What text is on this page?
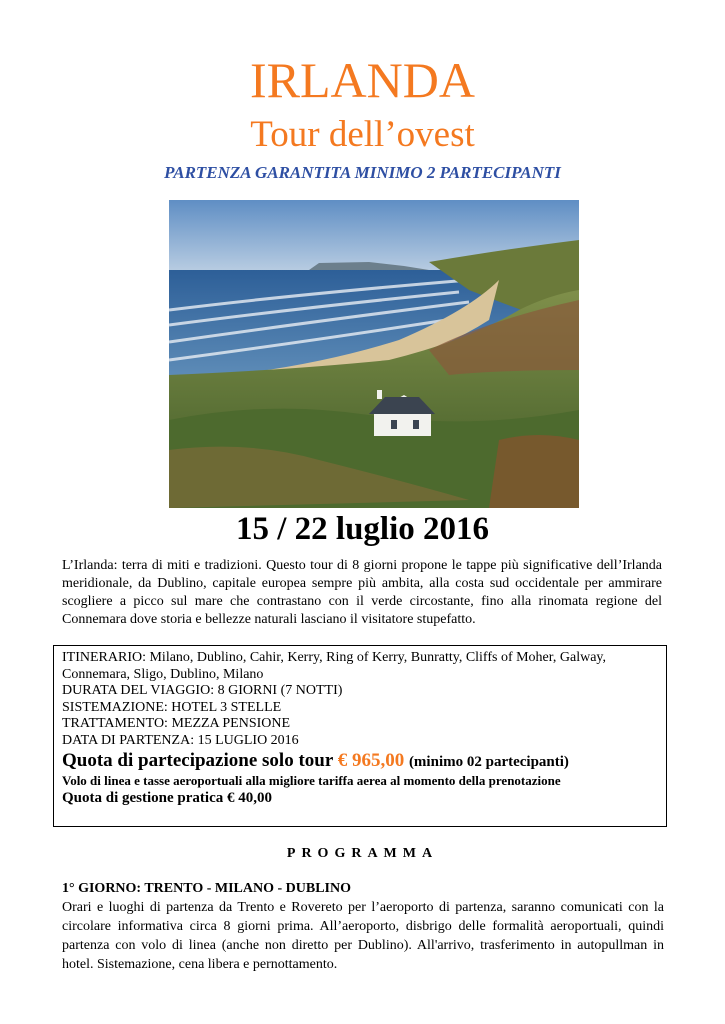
IRLANDA
Tour dell’ovest
PARTENZA GARANTITA MINIMO 2 PARTECIPANTI
15 / 22 luglio 2016

L’Irlanda: terra di miti e tradizioni. Questo tour di 8 giorni propone le tappe più significative dell’Irlanda meridionale, da Dublino, capitale europea sempre più ambita, alla costa sud occidentale per ammirare scogliere a picco sul mare che contrastano con il verde circostante, fino alla rinomata regione del Connemara dove storia e bellezze naturali lasciano il visitatore stupefatto.

ITINERARIO: Milano, Dublino, Cahir, Kerry, Ring of Kerry, Bunratty, Cliffs of Moher, Galway, Connemara, Sligo, Dublino, Milano

DURATA DEL VIAGGIO: 8 GIORNI (7 NOTTI)

SISTEMAZIONE: HOTEL 3 STELLE

TRATTAMENTO: MEZZA PENSIONE

DATA DI PARTENZA: 15 LUGLIO 2016

Quota di partecipazione solo tour € 965,00 (minimo 02 partecipanti)

Volo di linea e tasse aeroportuali alla migliore tariffa aerea al momento della prenotazione

Quota di gestione pratica € 40,00

PROGRAMMA
1° GIORNO: TRENTO - MILANO - DUBLINO

Orari e luoghi di partenza da Trento e Rovereto per l’aeroporto di partenza, saranno comunicati con la circolare informativa circa 8 giorni prima. All’aeroporto, disbrigo delle formalità aeroportuali, quindi partenza con volo di linea (anche non diretto per Dublino). All'arrivo, trasferimento in autopullman in hotel. Sistemazione, cena libera e pernottamento.
